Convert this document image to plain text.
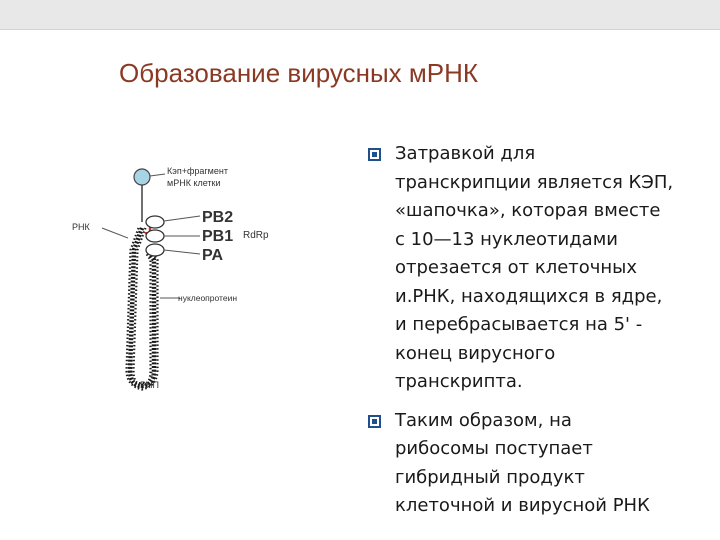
Образование вирусных мРНК
Кэп+фрагмент
мРНК клетки
РНК
PB2
PB1 RdRp
PA
нуклеопротеин
РНП
Затравкой для
транскрипции является КЭП,
«шапочка», которая вместе
с 10—13 нуклеотидами
отрезается от клеточных
и.РНК, находящихся в ядре,
и перебрасывается на 5' -
конец вирусного
транскрипта.
Таким образом, на
рибосомы поступает
гибридный продукт
клеточной и вирусной РНК
